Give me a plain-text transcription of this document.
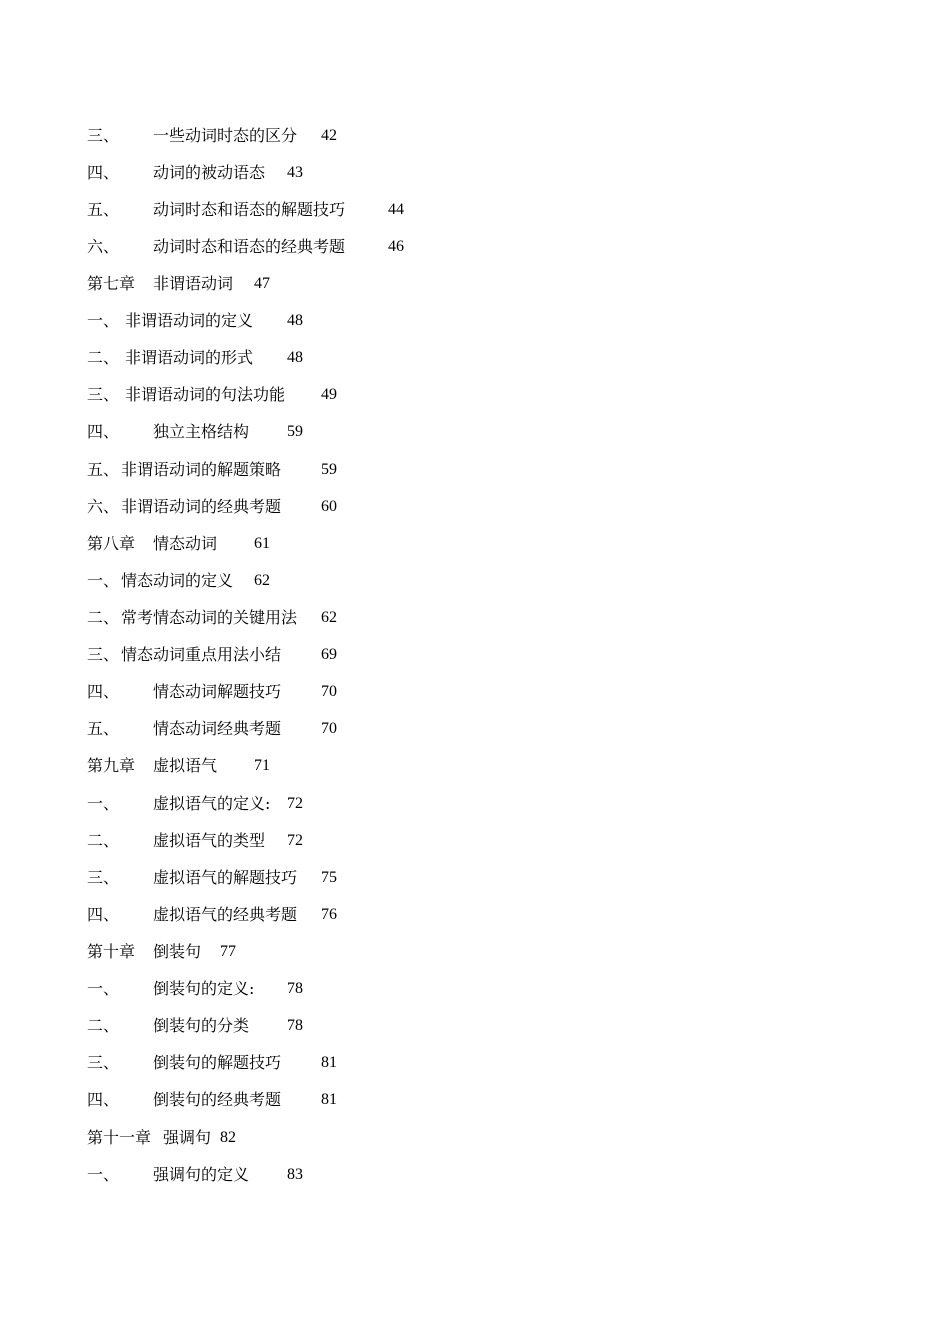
三、 一些动词时态的区分 42
四、 动词的被动语态 43
五、 动词时态和语态的解题技巧	44
六、 动词时态和语态的经典考题	46
第七章 非谓语动词 47
一、 非谓语动词的定义 48
二、 非谓语动词的形式 48
三、 非谓语动词的句法功能 49
四、 独立主格结构 59
五、 非谓语动词的解题策略 59
六、 非谓语动词的经典考题 60
第八章 情态动词 61
一、 情态动词的定义 62
二、 常考情态动词的关键用法 62
三、 情态动词重点用法小结 69
四、 情态动词解题技巧 70
五、 情态动词经典考题 70
第九章 虚拟语气 71
一、 虚拟语气的定义: 72
二、 虚拟语气的类型 72
三、 虚拟语气的解题技巧 75
四、 虚拟语气的经典考题 76
第十章 倒装句 77
一、 倒装句的定义: 78
二、 倒装句的分类 78
三、 倒装句的解题技巧 81
四、 倒装句的经典考题 81
第十一章 强调句 82
一、 强调句的定义 83
